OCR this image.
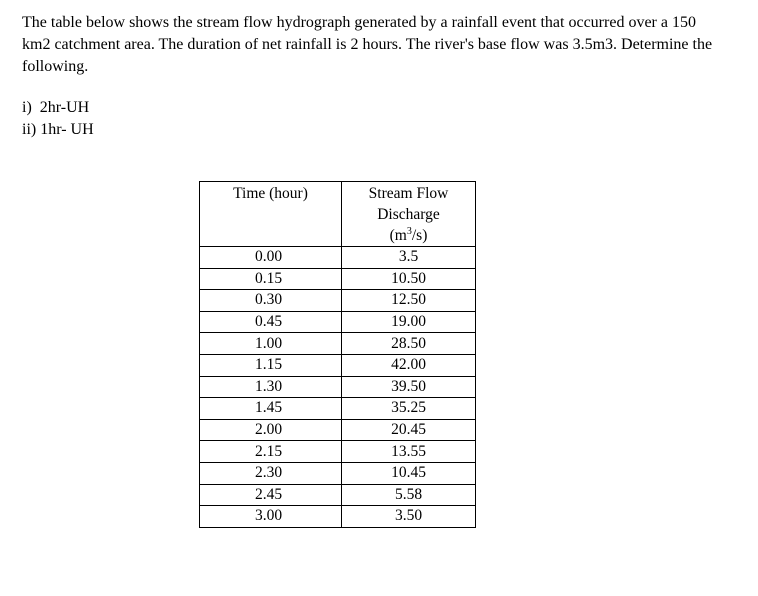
The table below shows the stream flow hydrograph generated by a rainfall event that occurred over a 150 km2 catchment area. The duration of net rainfall is 2 hours. The river's base flow was 3.5m3. Determine the following.

i)  2hr-UH
ii) 1hr- UH
Time (hour)	Stream Flow
Discharge
$(m^3/s)$
0.00	3.5
0.15	10.50
0.30	12.50
0.45	19.00
1.00	28.50
1.15	42.00
1.30	39.50
1.45	35.25
2.00	20.45
2.15	13.55
2.30	10.45
2.45	5.58
3.00	3.50
